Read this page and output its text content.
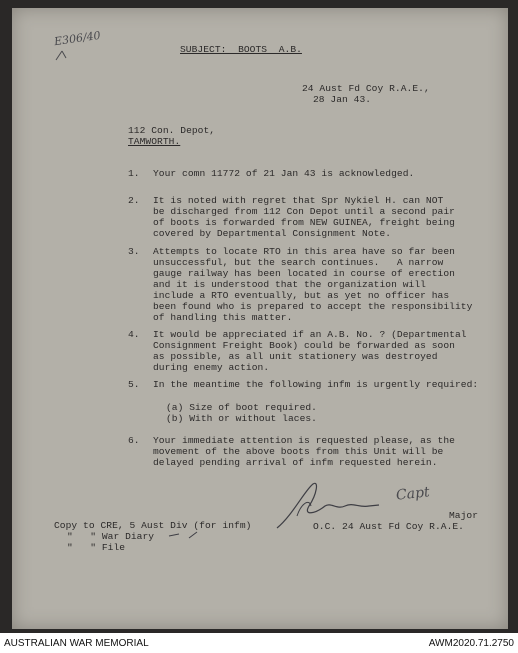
E306/40
SUBJECT:  BOOTS  A.B.
24 Aust Fd Coy R.A.E.,
28 Jan 43.
112 Con. Depot,
TAMWORTH.
1. Your comn 11772 of 21 Jan 43 is acknowledged.
2. It is noted with regret that Spr Nykiel H. can NOT
be discharged from 112 Con Depot until a second pair
of boots is forwarded from NEW GUINEA, freight being
covered by Departmental Consignment Note.
3. Attempts to locate RTO in this area have so far been
unsuccessful, but the search continues.   A narrow
gauge railway has been located in course of erection
and it is understood that the organization will
include a RTO eventually, but as yet no officer has
been found who is prepared to accept the responsibility
of handling this matter.
4. It would be appreciated if an A.B. No. ? (Departmental
Consignment Freight Book) could be forwarded as soon
as possible, as all unit stationery was destroyed
during enemy action.
5. In the meantime the following infm is urgently required:
(a) Size of boot required.
(b) With or without laces.
6. Your immediate attention is requested please, as the
movement of the above boots from this Unit will be
delayed pending arrival of infm requested herein.
Capt
Major
O.C. 24 Aust Fd Coy R.A.E.
Copy to CRE, 5 Aust Div (for infm)
"   " War Diary
"   " File
AUSTRALIAN WAR MEMORIAL	AWM2020.71.2750
